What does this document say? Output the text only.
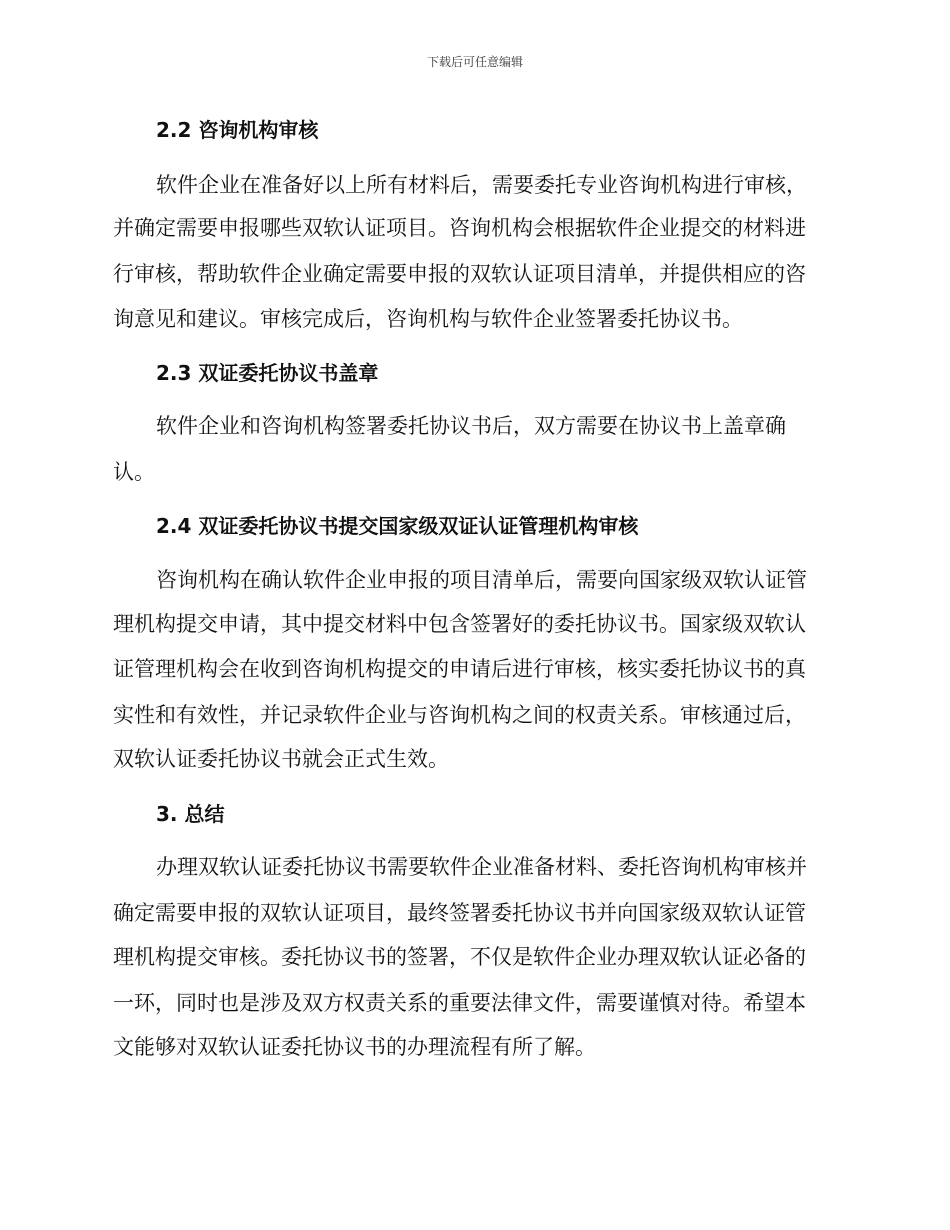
下载后可任意编辑
2.2 咨询机构审核
软件企业在准备好以上所有材料后，需要委托专业咨询机构进行审核，
并确定需要申报哪些双软认证项目。咨询机构会根据软件企业提交的材料进
行审核，帮助软件企业确定需要申报的双软认证项目清单，并提供相应的咨
询意见和建议。审核完成后，咨询机构与软件企业签署委托协议书。
2.3 双证委托协议书盖章
软件企业和咨询机构签署委托协议书后，双方需要在协议书上盖章确
认。
2.4 双证委托协议书提交国家级双证认证管理机构审核
咨询机构在确认软件企业申报的项目清单后，需要向国家级双软认证管
理机构提交申请，其中提交材料中包含签署好的委托协议书。国家级双软认
证管理机构会在收到咨询机构提交的申请后进行审核，核实委托协议书的真
实性和有效性，并记录软件企业与咨询机构之间的权责关系。审核通过后，
双软认证委托协议书就会正式生效。
3. 总结
办理双软认证委托协议书需要软件企业准备材料、委托咨询机构审核并
确定需要申报的双软认证项目，最终签署委托协议书并向国家级双软认证管
理机构提交审核。委托协议书的签署，不仅是软件企业办理双软认证必备的
一环，同时也是涉及双方权责关系的重要法律文件，需要谨慎对待。希望本
文能够对双软认证委托协议书的办理流程有所了解。
